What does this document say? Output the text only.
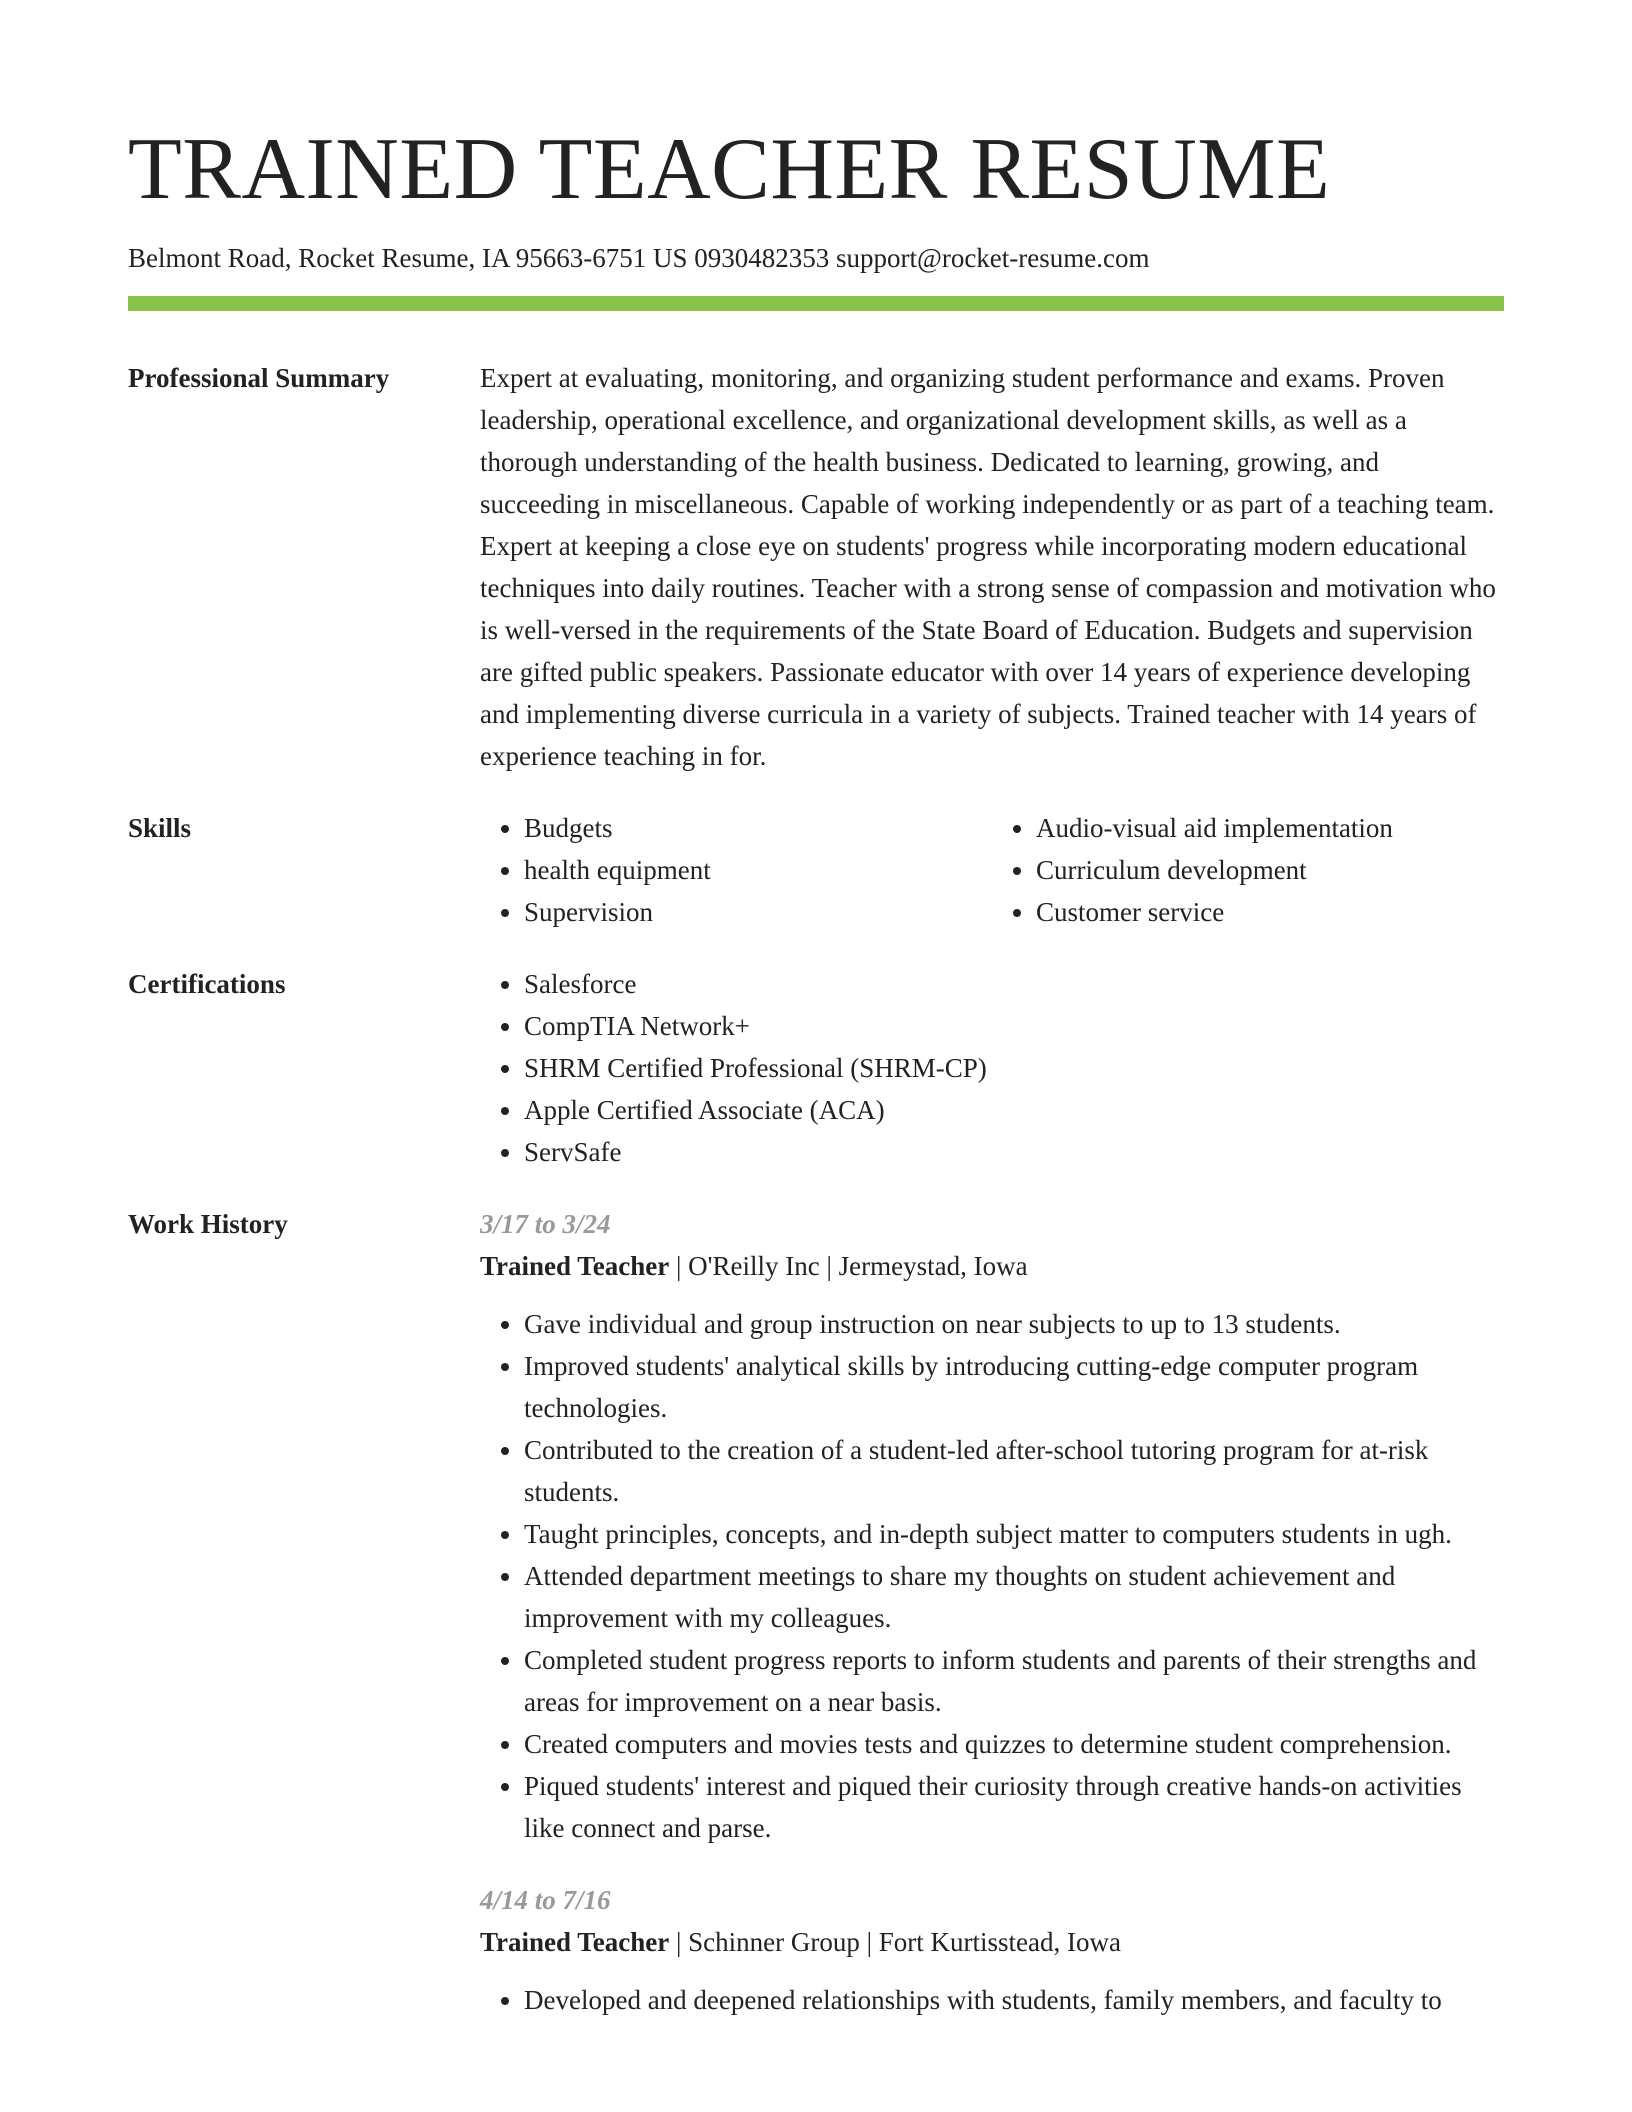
TRAINED TEACHER RESUME
Belmont Road, Rocket Resume, IA 95663-6751 US 0930482353 support@rocket-resume.com
Professional Summary	Expert at evaluating, monitoring, and organizing student performance and exams. Proven leadership, operational excellence, and organizational development skills, as well as a thorough understanding of the health business. Dedicated to learning, growing, and succeeding in miscellaneous. Capable of working independently or as part of a teaching team. Expert at keeping a close eye on students' progress while incorporating modern educational techniques into daily routines. Teacher with a strong sense of compassion and motivation who is well-versed in the requirements of the State Board of Education. Budgets and supervision are gifted public speakers. Passionate educator with over 14 years of experience developing and implementing diverse curricula in a variety of subjects. Trained teacher with 14 years of experience teaching in for.

Skills	• Budgets
• health equipment
• Supervision
• Audio-visual aid implementation
• Curriculum development
• Customer service
Certifications	• Salesforce
• CompTIA Network+
• SHRM Certified Professional (SHRM-CP)
• Apple Certified Associate (ACA)
• ServSafe
Work History	3/17 to 3/24
Trained Teacher | O'Reilly Inc | Jermeystad, Iowa
• Gave individual and group instruction on near subjects to up to 13 students.
• Improved students' analytical skills by introducing cutting-edge computer program technologies.
• Contributed to the creation of a student-led after-school tutoring program for at-risk students.
• Taught principles, concepts, and in-depth subject matter to computers students in ugh.
• Attended department meetings to share my thoughts on student achievement and improvement with my colleagues.
• Completed student progress reports to inform students and parents of their strengths and areas for improvement on a near basis.
• Created computers and movies tests and quizzes to determine student comprehension.
• Piqued students' interest and piqued their curiosity through creative hands-on activities like connect and parse.
4/14 to 7/16
Trained Teacher | Schinner Group | Fort Kurtisstead, Iowa
• Developed and deepened relationships with students, family members, and faculty to
